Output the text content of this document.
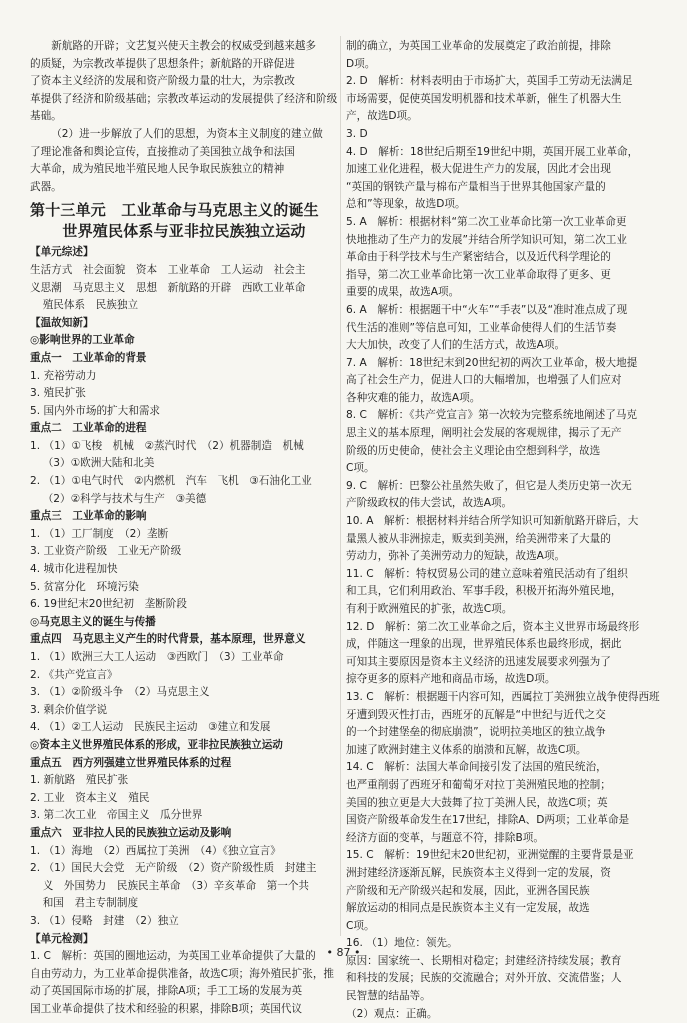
新航路的开辟；文艺复兴使天主教会的权威受到越来越多

的质疑，为宗教改革提供了思想条件；新航路的开辟促进

了资本主义经济的发展和资产阶级力量的壮大，为宗教改

革提供了经济和阶级基础；宗教改革运动的发展提供了经济和阶级基础。

（2）进一步解放了人们的思想，为资本主义制度的建立做

了理论准备和舆论宣传，直接推动了美国独立战争和法国

大革命，成为殖民地半殖民地人民争取民族独立的精神

武器。

第十三单元　工业革命与马克思主义的诞生
世界殖民体系与亚非拉民族独立运动

【单元综述】

生活方式　社会面貌　资本　工业革命　工人运动　社会主

义思潮　马克思主义　思想　新航路的开辟　西欧工业革命

殖民体系　民族独立

【温故知新】

◎影响世界的工业革命

重点一　工业革命的背景

1. 充裕劳动力

3. 殖民扩张

5. 国内外市场的扩大和需求

重点二　工业革命的进程

1. （1）①飞梭　机械　②蒸汽时代　（2）机器制造　机械

（3）①欧洲大陆和北美

2. （1）①电气时代　②内燃机　汽车　飞机　③石油化工业

（2）②科学与技术与生产　③美德

重点三　工业革命的影响

1. （1）工厂制度　（2）垄断

3. 工业资产阶级　工业无产阶级

4. 城市化进程加快

5. 贫富分化　环境污染

6. 19世纪末20世纪初　垄断阶段

◎马克思主义的诞生与传播

重点四　马克思主义产生的时代背景，基本原理，世界意义

1. （1）欧洲三大工人运动　③西欧门　（3）工业革命

2. 《共产党宣言》

3. （1）②阶级斗争　（2）马克思主义

3. 剩余价值学说

4. （1）②工人运动　民族民主运动　③建立和发展

◎资本主义世界殖民体系的形成，亚非拉民族独立运动

重点五　西方列强建立世界殖民体系的过程

1. 新航路　殖民扩张

2. 工业　资本主义　殖民

3. 第二次工业　帝国主义　瓜分世界

重点六　亚非拉人民的民族独立运动及影响

1. （1）海地　（2）西属拉丁美洲　（4）《独立宣言》

2. （1）国民大会党　无产阶级　（2）资产阶级性质　封建主

义　外国势力　民族民主革命　（3）辛亥革命　第一个共

和国　君主专制制度

3. （1）侵略　封建　（2）独立

【单元检测】

1. C　解析：英国的圈地运动，为英国工业革命提供了大量的

自由劳动力，为工业革命提供准备，故选C项；海外殖民扩张，推

动了英国国际市场的扩展，排除A项；手工工场的发展为英

国工业革命提供了技术和经验的积累，排除B项；英国代议

制的确立，为英国工业革命的发展奠定了政治前提，排除

D项。

2. D　解析：材料表明由于市场扩大，英国手工劳动无法满足

市场需要，促使英国发明机器和技术革新，催生了机器大生

产，故选D项。

3. D

4. D　解析：18世纪后期至19世纪中期，英国开展工业革命，

加速工业化进程，极大促进生产力的发展，因此才会出现

“英国的钢铁产量与棉布产量相当于世界其他国家产量的

总和”等现象，故选D项。

5. A　解析：根据材料“第二次工业革命比第一次工业革命更

快地推动了生产力的发展”并结合所学知识可知，第二次工业

革命由于科学技术与生产紧密结合，以及近代科学理论的

指导，第二次工业革命比第一次工业革命取得了更多、更

重要的成果，故选A项。

6. A　解析：根据题干中“火车”“手表”以及“准时准点成了现

代生活的准则”等信息可知，工业革命使得人们的生活节奏

大大加快，改变了人们的生活方式，故选A项。

7. A　解析：18世纪末到20世纪初的两次工业革命，极大地提

高了社会生产力，促进人口的大幅增加，也增强了人们应对

各种灾难的能力，故选A项。

8. C　解析：《共产党宣言》第一次较为完整系统地阐述了马克

思主义的基本原理，阐明社会发展的客观规律，揭示了无产

阶级的历史使命，使社会主义理论由空想到科学，故选

C项。

9. C　解析：巴黎公社虽然失败了，但它是人类历史第一次无

产阶级政权的伟大尝试，故选A项。

10. A　解析：根据材料并结合所学知识可知新航路开辟后，大

量黑人被从非洲掠走，贩卖到美洲，给美洲带来了大量的

劳动力，弥补了美洲劳动力的短缺，故选A项。

11. C　解析：特权贸易公司的建立意味着殖民活动有了组织

和工具，它们利用政治、军事手段，积极开拓海外殖民地，

有利于欧洲殖民的扩张，故选C项。

12. D　解析：第二次工业革命之后，资本主义世界市场最终形

成，伴随这一理象的出现，世界殖民体系也最终形成，据此

可知其主要原因是资本主义经济的迅速发展要求列强为了

掠夺更多的原料产地和商品市场，故选D项。

13. C　解析：根据题干内容可知，西属拉丁美洲独立战争使得西班

牙遭到毁灭性打击，西班牙的瓦解是“中世纪与近代之交

的一个封建堡垒的彻底崩溃”，说明拉美地区的独立战争

加速了欧洲封建主义体系的崩溃和瓦解，故选C项。

14. C　解析：法国大革命间接引发了法国的殖民统治，

也严重削弱了西班牙和葡萄牙对拉丁美洲殖民地的控制；

美国的独立更是大大鼓舞了拉丁美洲人民，故选C项；英

国资产阶级革命发生在17世纪，排除A、D两项；工业革命是

经济方面的变革，与题意不符，排除B项。

15. C　解析：19世纪末20世纪初，亚洲觉醒的主要背景是亚

洲封建经济逐渐瓦解，民族资本主义得到一定的发展，资

产阶级和无产阶级兴起和发展，因此，亚洲各国民族

解放运动的相同点是民族资本主义有一定发展，故选

C项。

16. （1）地位：领先。

原因：国家统一、长期相对稳定；封建经济持续发展；教育

和科技的发展；民族的交流融合；对外开放、交流借鉴；人

民智慧的结晶等。

（2）观点：正确。

• 87 •
